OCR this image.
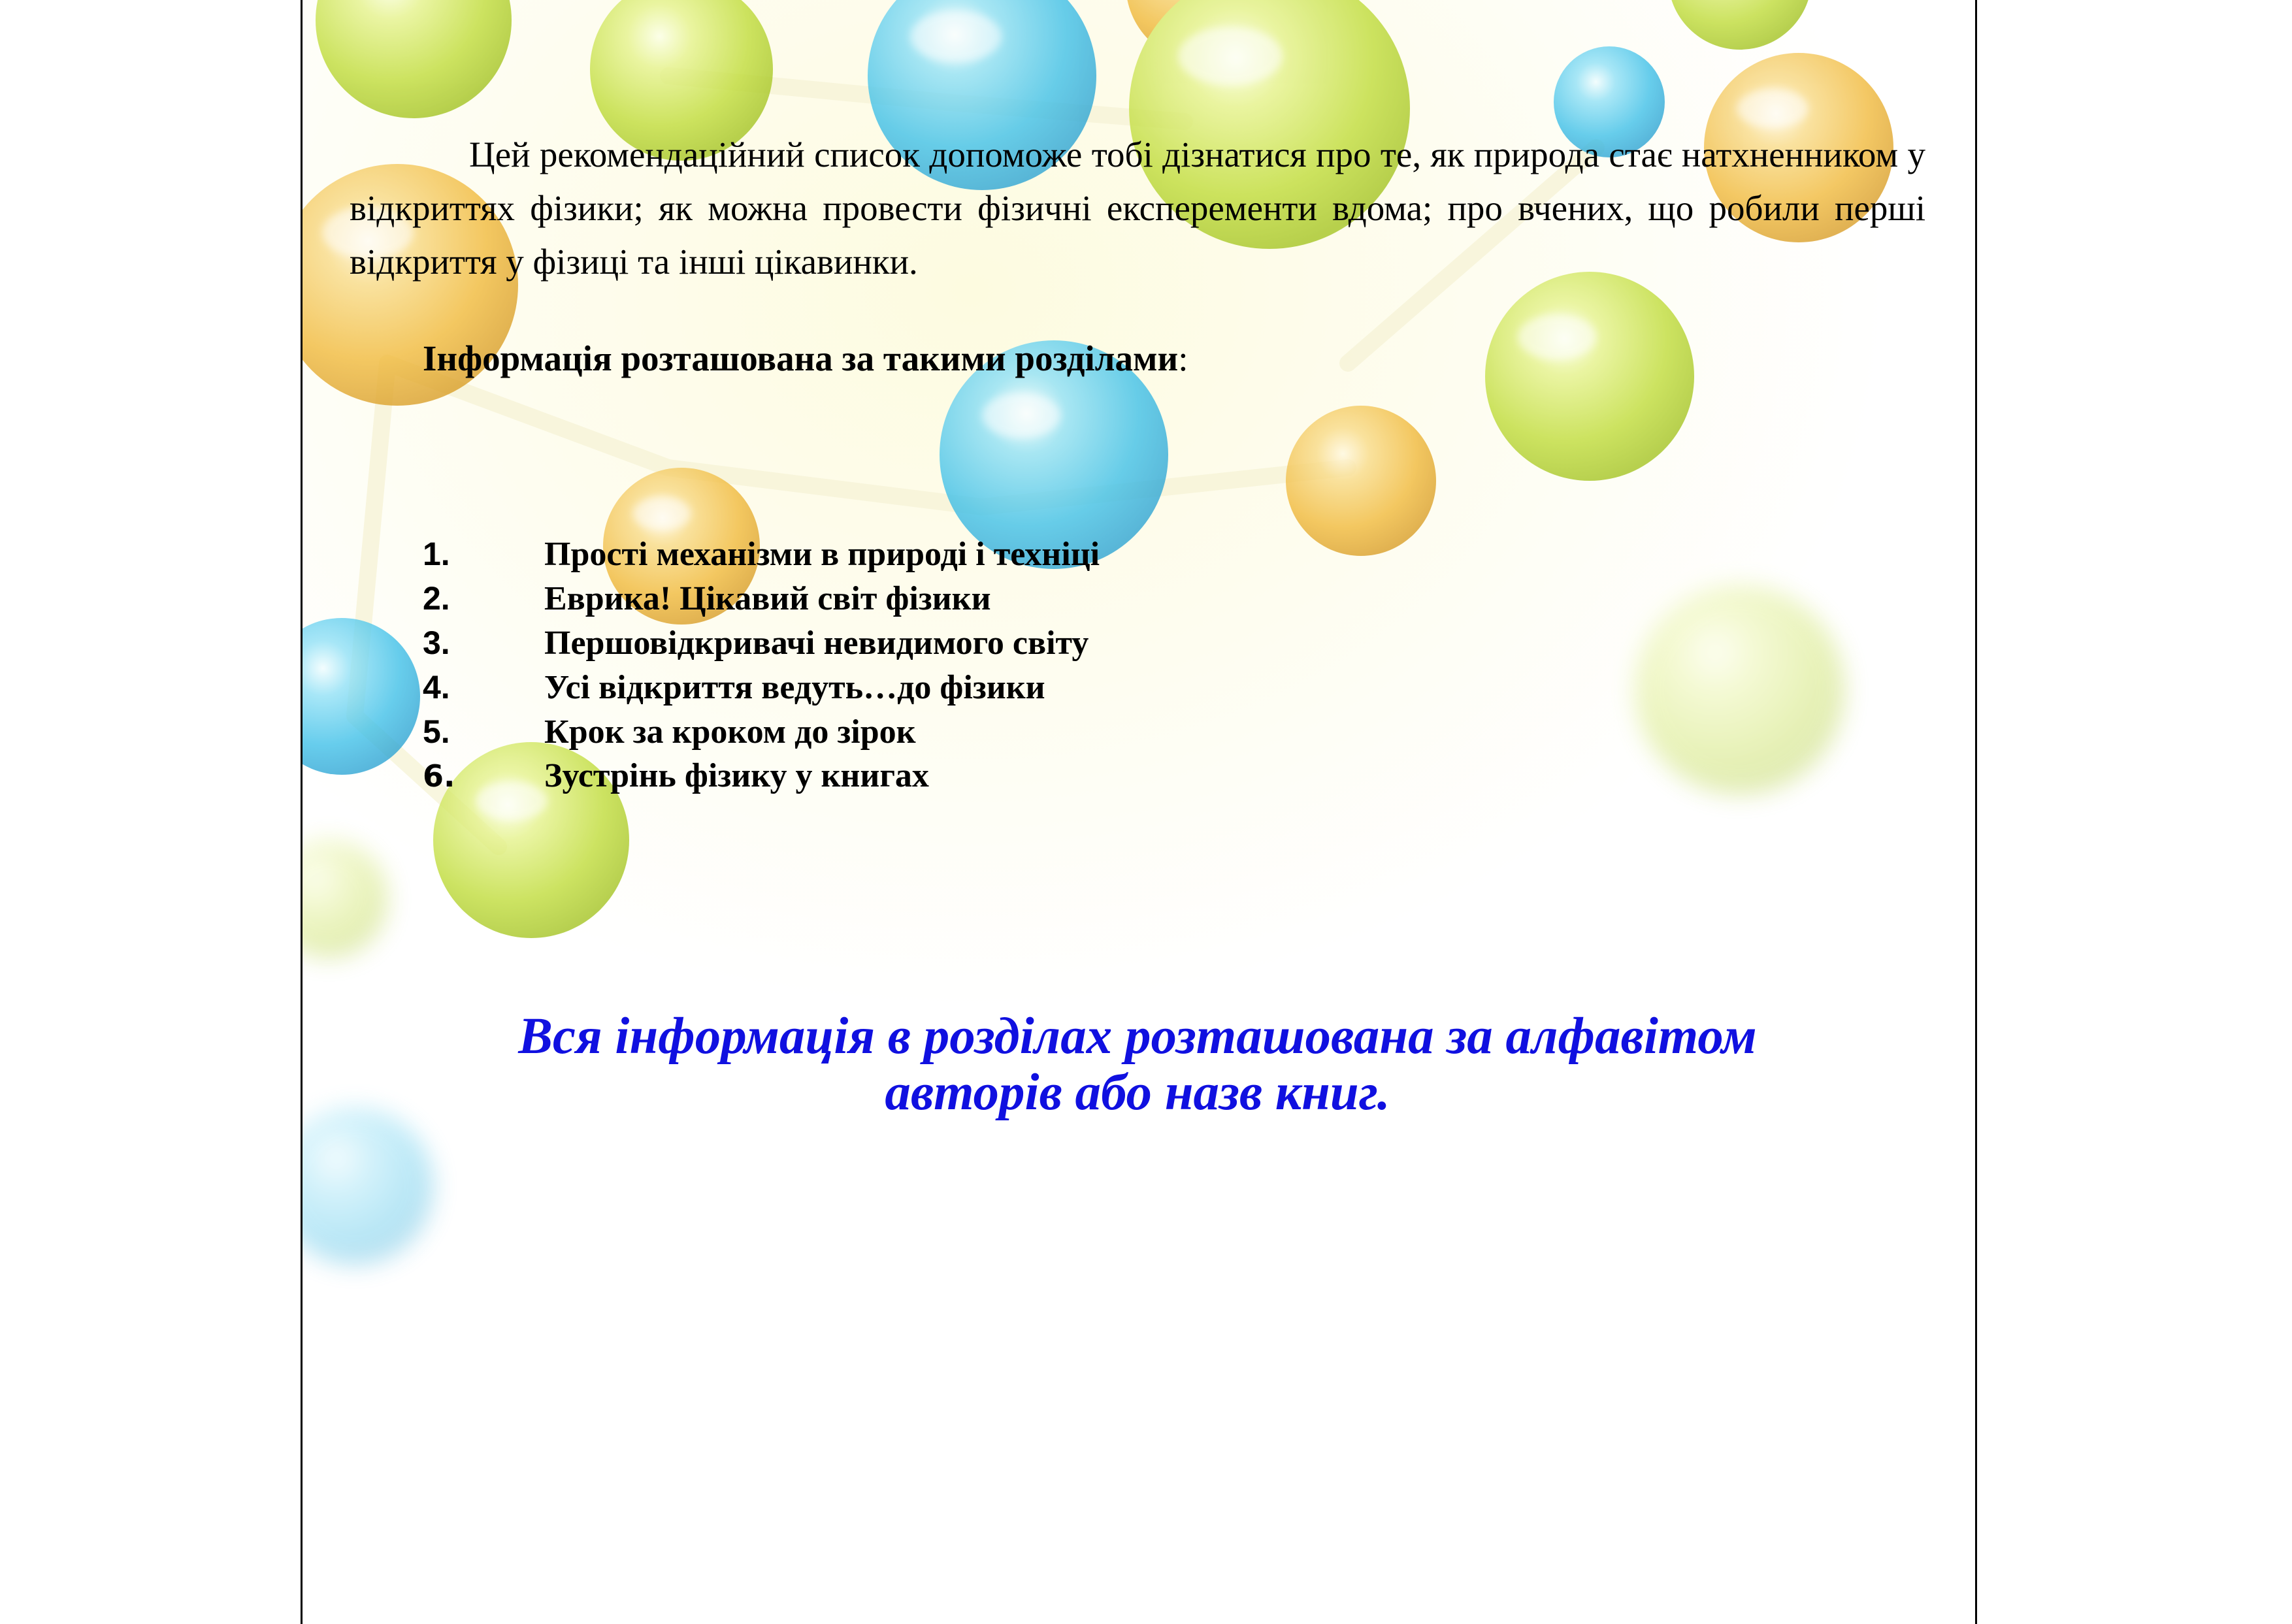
Цей рекомендаційний список допоможе тобі дізнатися про те, як природа стає натхненником у відкриттях фізики; як можна провести фізичні експеременти вдома; про вчених, що робили перші відкриття у фізиці та інші цікавинки.

Інформація розташована за такими розділами:

1.	Прості механізми в природі і техніці
2.	Еврика! Цікавий світ фізики
3.	Першовідкривачі невидимого світу
4.	Усі відкриття ведуть…до фізики
5.	Крок за кроком до зірок
6.	Зустрінь фізику у книгах

Вся інформація в розділах розташована за алфавітом
авторів або назв книг.
